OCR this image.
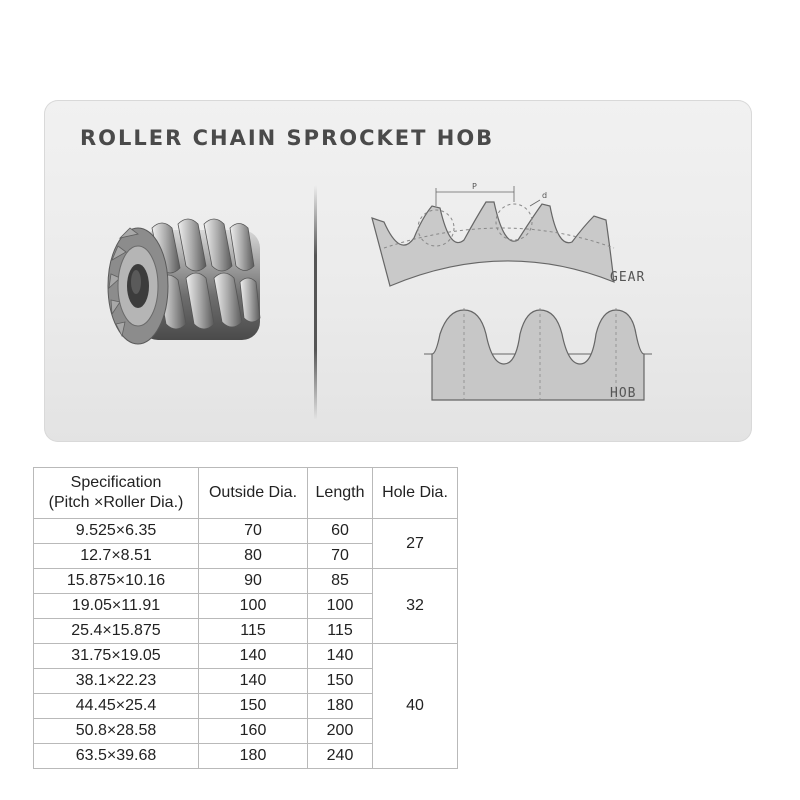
ROLLER CHAIN SPROCKET HOB
P
d
GEAR
HOB
Specification
(Pitch ×Roller Dia.)	Outside Dia.	Length	Hole Dia.
9.525×6.35	70	60	27
12.7×8.51	80	70	
15.875×10.16	90	85	32
19.05×11.91	100	100	
25.4×15.875	115	115	
31.75×19.05	140	140	40
38.1×22.23	140	150	
44.45×25.4	150	180	
50.8×28.58	160	200	
63.5×39.68	180	240	
